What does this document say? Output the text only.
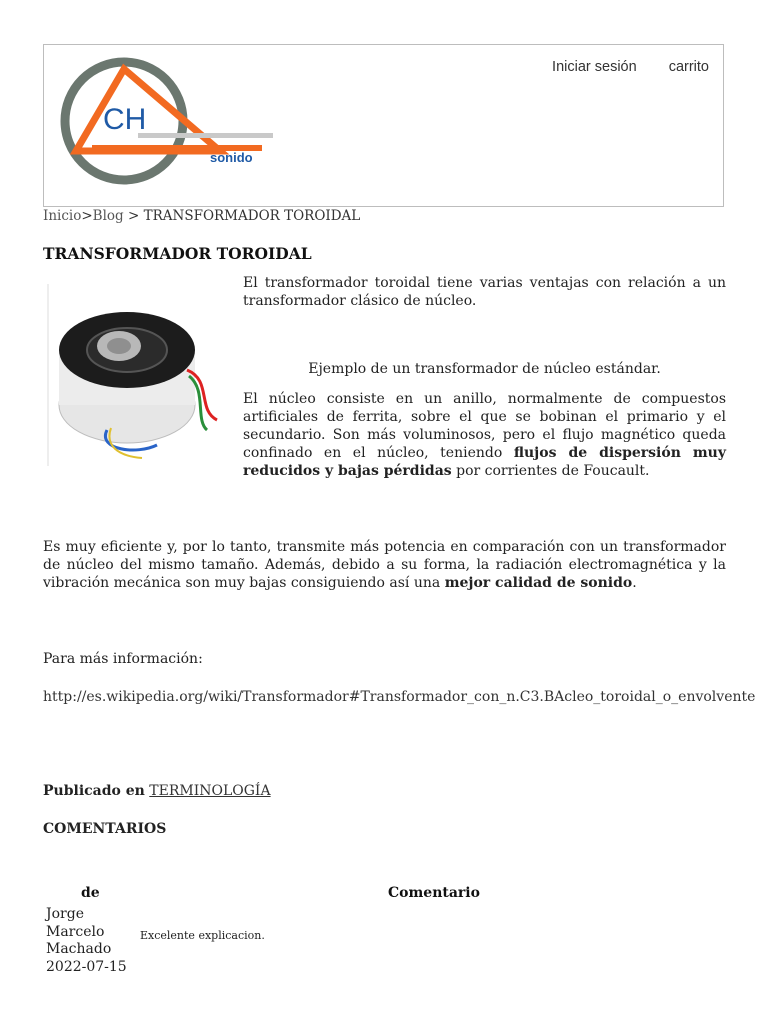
CH
sonido
Iniciar sesión carrito
Inicio>Blog > TRANSFORMADOR TOROIDAL
TRANSFORMADOR TOROIDAL

El transformador toroidal tiene varias ventajas con relación a un transformador clásico de núcleo.

Ejemplo de un transformador de núcleo estándar.

El núcleo consiste en un anillo, normalmente de compuestos artificiales de ferrita, sobre el que se bobinan el primario y el secundario. Son más voluminosos, pero el flujo magnético queda confinado en el núcleo, teniendo flujos de dispersión muy reducidos y bajas pérdidas por corrientes de Foucault.

Es muy eficiente y, por lo tanto, transmite más potencia en comparación con un transformador de núcleo del mismo tamaño. Además, debido a su forma, la radiación electromagnética y la vibración mecánica son muy bajas consiguiendo así una mejor calidad de sonido.

Para más información:

http://es.wikipedia.org/wiki/Transformador#Transformador_con_n.C3.BAcleo_toroidal_o_envolvente

Publicado en TERMINOLOGÍA

COMENTARIOS

de	Comentario
Jorge
Marcelo
Machado
2022-07-15
Excelente explicacion.
